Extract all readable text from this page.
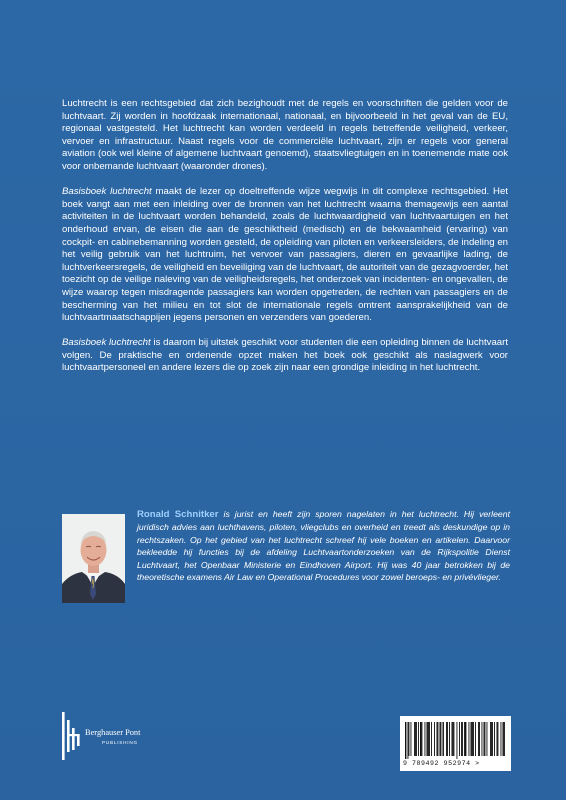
Luchtrecht is een rechtsgebied dat zich bezighoudt met de regels en voorschriften die gelden voor de luchtvaart. Zij worden in hoofdzaak internationaal, nationaal, en bijvoorbeeld in het geval van de EU, regionaal vastgesteld. Het luchtrecht kan worden verdeeld in regels betreffende veiligheid, verkeer, vervoer en infrastructuur. Naast regels voor de commerciële luchtvaart, zijn er regels voor general aviation (ook wel kleine of algemene luchtvaart genoemd), staatsvliegtuigen en in toenemende mate ook voor onbemande luchtvaart (waaronder drones).

Basisboek luchtrecht maakt de lezer op doeltreffende wijze wegwijs in dit complexe rechtsgebied. Het boek vangt aan met een inleiding over de bronnen van het luchtrecht waarna themagewijs een aantal activiteiten in de luchtvaart worden behandeld, zoals de luchtwaardigheid van luchtvaartuigen en het onderhoud ervan, de eisen die aan de geschiktheid (medisch) en de bekwaamheid (ervaring) van cockpit- en cabinebemanning worden gesteld, de opleiding van piloten en verkeersleiders, de indeling en het veilig gebruik van het luchtruim, het vervoer van passagiers, dieren en gevaarlijke lading, de luchtverkeersregels, de veiligheid en beveiliging van de luchtvaart, de autoriteit van de gezagvoerder, het toezicht op de veilige naleving van de veiligheidsregels, het onderzoek van incidenten- en ongevallen, de wijze waarop tegen misdragende passagiers kan worden opgetreden, de rechten van passagiers en de bescherming van het milieu en tot slot de internationale regels omtrent aansprakelijkheid van de luchtvaartmaatschappijen jegens personen en verzenders van goederen.

Basisboek luchtrecht is daarom bij uitstek geschikt voor studenten die een opleiding binnen de luchtvaart volgen. De praktische en ordenende opzet maken het boek ook geschikt als naslagwerk voor luchtvaartpersoneel en andere lezers die op zoek zijn naar een grondige inleiding in het luchtrecht.

Ronald Schnitker is jurist en heeft zijn sporen nagelaten in het luchtrecht. Hij verleent juridisch advies aan luchthavens, piloten, vliegclubs en overheid en treedt als deskundige op in rechtszaken. Op het gebied van het luchtrecht schreef hij vele boeken en artikelen. Daarvoor bekleedde hij functies bij de afdeling Luchtvaartonderzoeken van de Rijkspolitie Dienst Luchtvaart, het Openbaar Ministerie en Eindhoven Airport. Hij was 40 jaar betrokken bij de theoretische examens Air Law en Operational Procedures voor zowel beroeps- en privévlieger.
Berghauser Pont
PUBLISHING
9 789492 952974 >
